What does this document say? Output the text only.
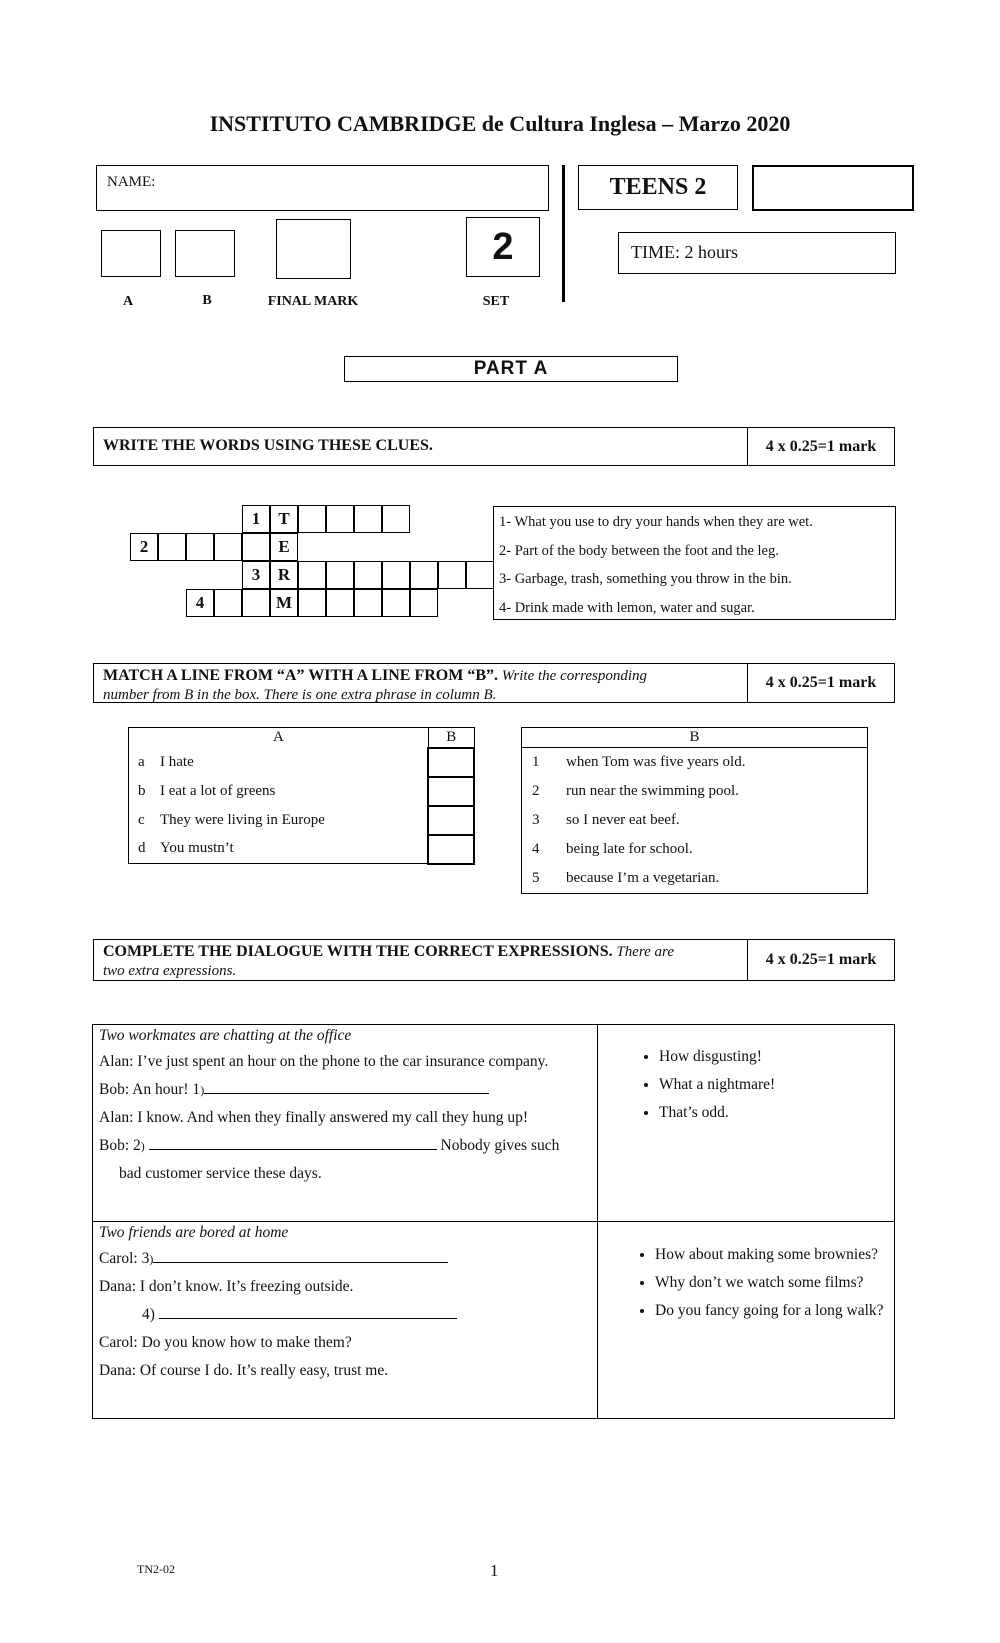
INSTITUTO CAMBRIDGE de Cultura Inglesa – Marzo 2020
NAME:
2
A	B	FINAL MARK	SET
TEENS 2
TIME: 2 hours
PART A
WRITE THE WORDS USING THESE CLUES.	4 x 0.25=1 mark
1	T
2	E
3	R
4	M
1- What you use to dry your hands when they are wet.
2- Part of the body between the foot and the leg.
3- Garbage, trash, something you throw in the bin.
4- Drink made with lemon, water and sugar.
MATCH A LINE FROM “A” WITH A LINE FROM “B”. Write the corresponding
number from B in the box. There is one extra phrase in column B.
4 x 0.25=1 mark
A	B
a I hate	
b I eat a lot of greens	
c They were living in Europe	
d You mustn’t	
B	
1	when Tom was five years old.
2	run near the swimming pool.
3	so I never eat beef.
4	being late for school.
5	because I’m a vegetarian.
COMPLETE THE DIALOGUE WITH THE CORRECT EXPRESSIONS. There are
two extra expressions.
4 x 0.25=1 mark
Two workmates are chatting at the office
Alan: I’ve just spent an hour on the phone to the car insurance company.
Bob: An hour! 1)
Alan: I know. And when they finally answered my call they hung up!
Bob: 2)	Nobody gives such
bad customer service these days.
• How disgusting!
• What a nightmare!
• That’s odd.
Two friends are bored at home
Carol: 3)
Dana: I don’t know. It’s freezing outside.
4)
Carol: Do you know how to make them?
Dana: Of course I do. It’s really easy, trust me.
• How about making some brownies?
• Why don’t we watch some films?
• Do you fancy going for a long walk?
TN2-02	1
